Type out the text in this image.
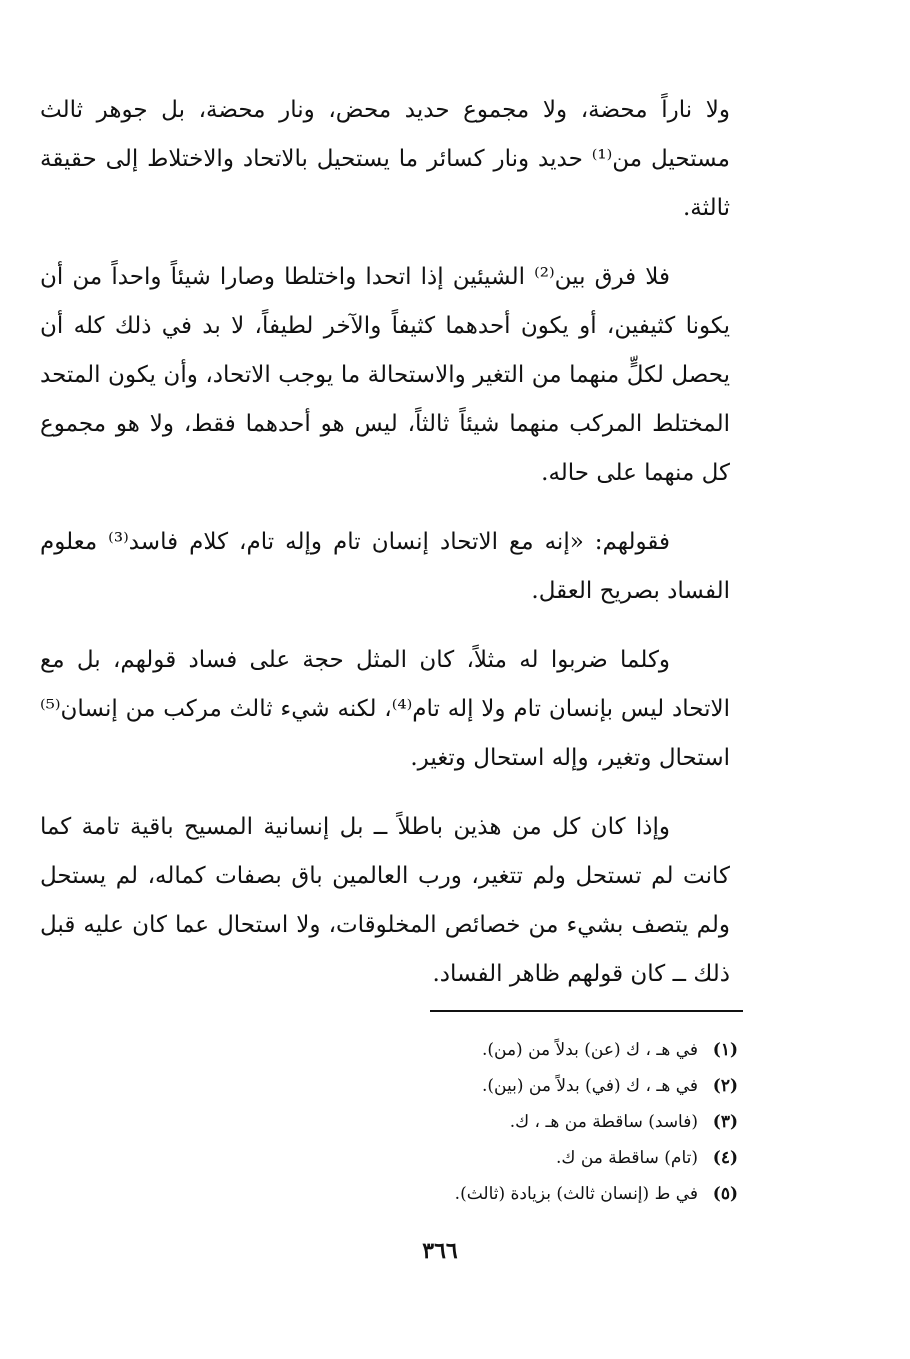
ولا ناراً محضة، ولا مجموع حديد محض، ونار محضة، بل جوهر ثالث مستحيل من⁽¹⁾ حديد ونار كسائر ما يستحيل بالاتحاد والاختلاط إلى حقيقة ثالثة.

فلا فرق بين⁽²⁾ الشيئين إذا اتحدا واختلطا وصارا شيئاً واحداً من أن يكونا كثيفين، أو يكون أحدهما كثيفاً والآخر لطيفاً، لا بد في ذلك كله أن يحصل لكلٍّ منهما من التغير والاستحالة ما يوجب الاتحاد، وأن يكون المتحد المختلط المركب منهما شيئاً ثالثاً، ليس هو أحدهما فقط، ولا هو مجموع كل منهما على حاله.

فقولهم: «إنه مع الاتحاد إنسان تام وإله تام، كلام فاسد⁽³⁾ معلوم الفساد بصريح العقل.

وكلما ضربوا له مثلاً، كان المثل حجة على فساد قولهم، بل مع الاتحاد ليس بإنسان تام ولا إله تام⁽⁴⁾، لكنه شيء ثالث مركب من إنسان⁽⁵⁾ استحال وتغير، وإله استحال وتغير.

وإذا كان كل من هذين باطلاً ــ بل إنسانية المسيح باقية تامة كما كانت لم تستحل ولم تتغير، ورب العالمين باق بصفات كماله، لم يستحل ولم يتصف بشيء من خصائص المخلوقات، ولا استحال عما كان عليه قبل ذلك ــ كان قولهم ظاهر الفساد.

(١)
في هـ ، ك (عن) بدلاً من (من).
(٢)
في هـ ، ك (في) بدلاً من (بين).
(٣)
(فاسد) ساقطة من هـ ، ك.
(٤)
(تام) ساقطة من ك.
(٥)
في ط (إنسان ثالث) بزيادة (ثالث).
٣٦٦
